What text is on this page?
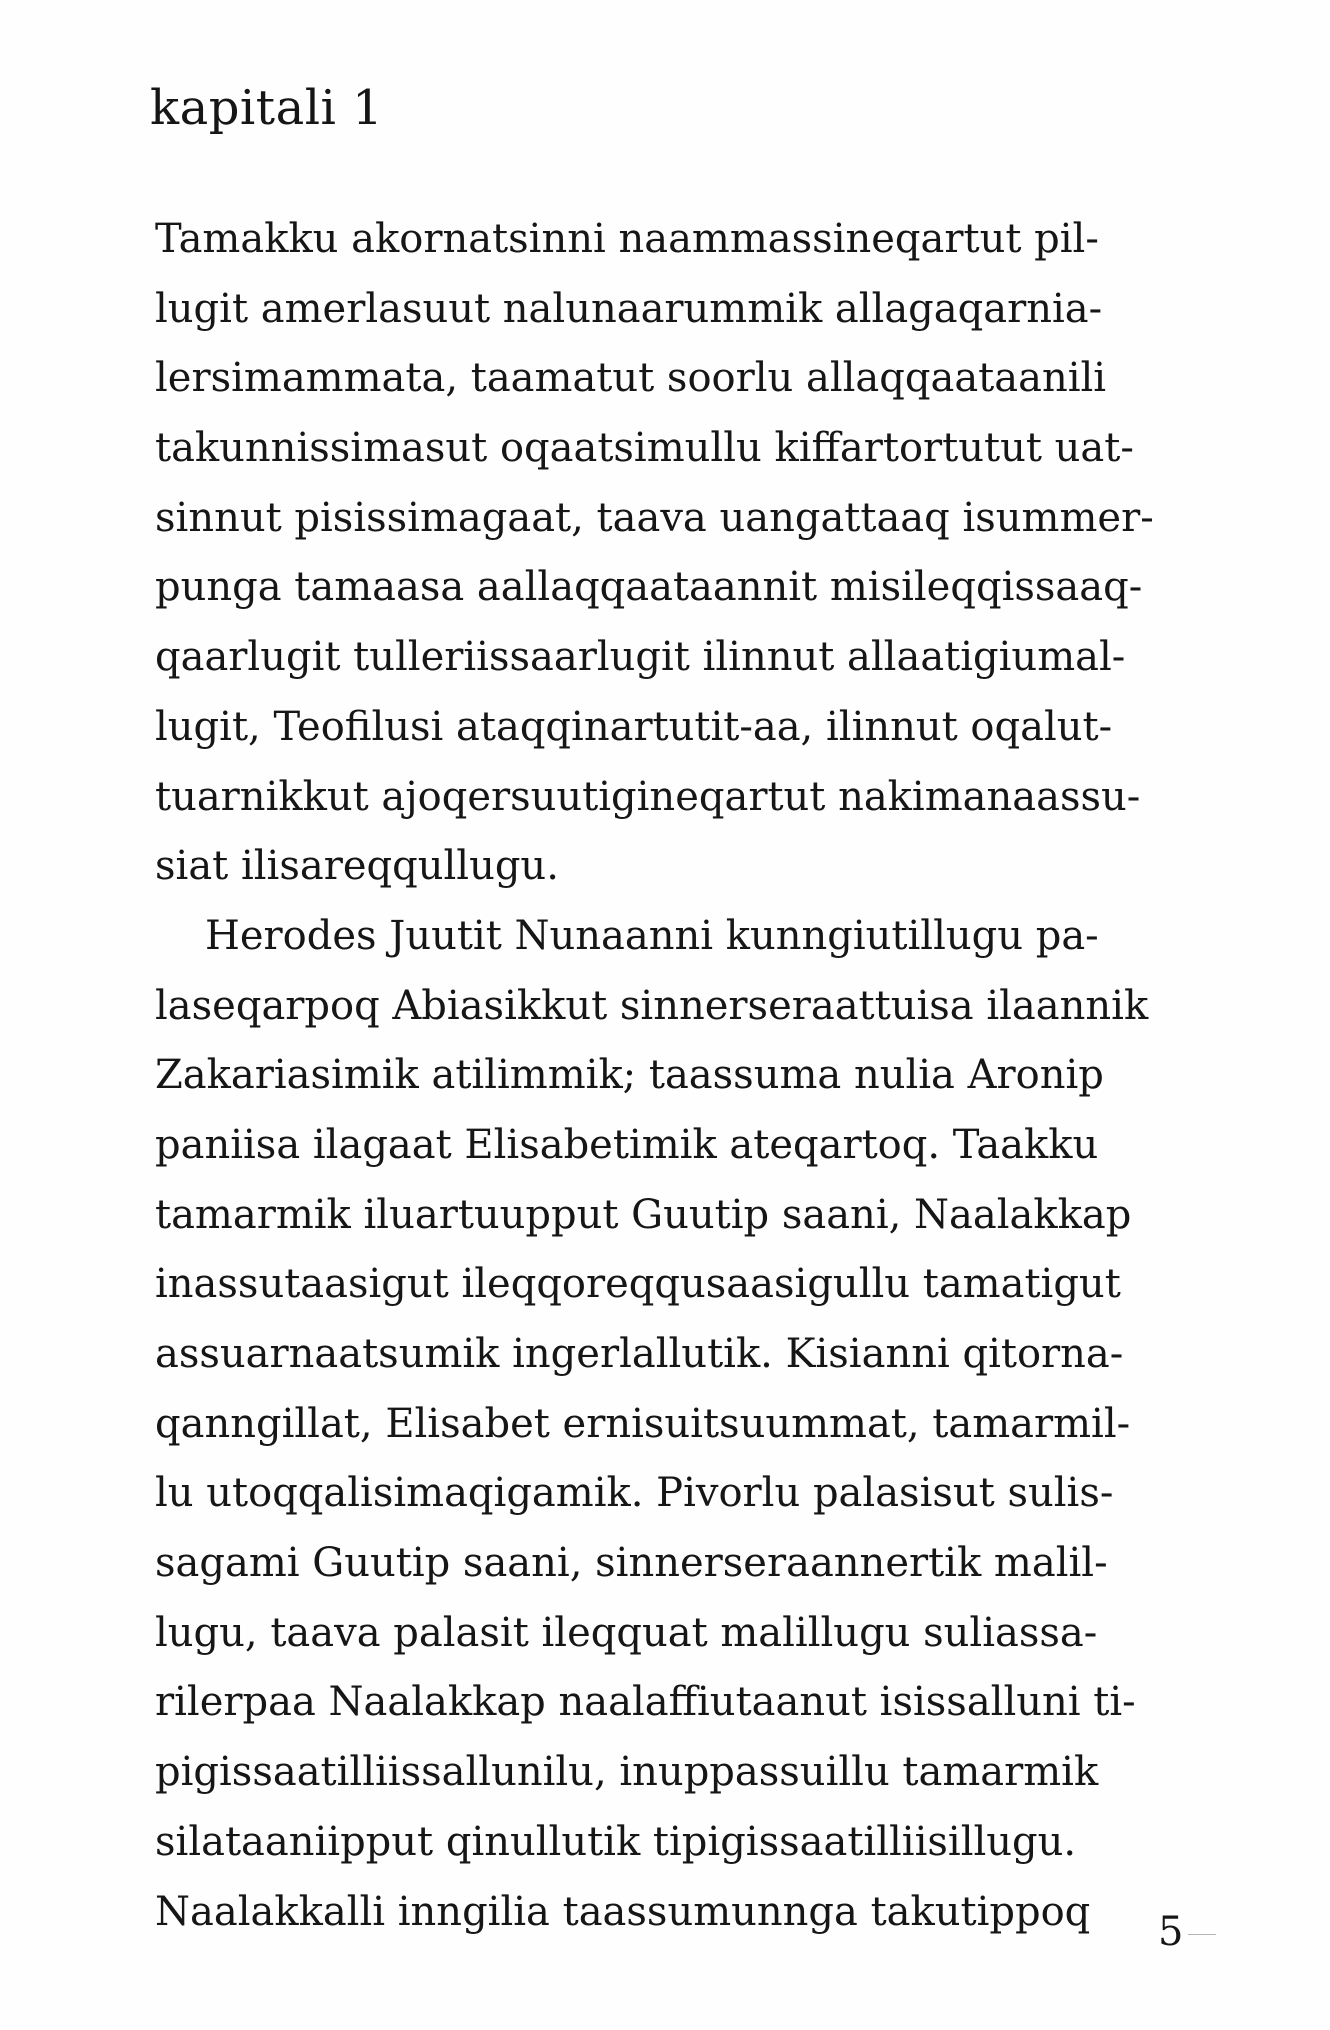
kapitali 1
Tamakku akornatsinni naammassineqartut pil-
lugit amerlasuut nalunaarummik allagaqarnia-
lersimammata, taamatut soorlu allaqqaataanili
takunnissimasut oqaatsimullu kiffartortutut uat-
sinnut pisissimagaat, taava uangattaaq isummer-
punga tamaasa aallaqqaataannit misileqqissaaq-
qaarlugit tulleriissaarlugit ilinnut allaatigiumal-
lugit, Teofilusi ataqqinartutit-aa, ilinnut oqalut-
tuarnikkut ajoqersuutigineqartut nakimanaassu-
siat ilisareqqullugu.
Herodes Juutit Nunaanni kunngiutillugu pa-
laseqarpoq Abiasikkut sinnerseraattuisa ilaannik
Zakariasimik atilimmik; taassuma nulia Aronip
paniisa ilagaat Elisabetimik ateqartoq. Taakku
tamarmik iluartuupput Guutip saani, Naalakkap
inassutaasigut ileqqoreqqusaasigullu tamatigut
assuarnaatsumik ingerlallutik. Kisianni qitorna-
qanngillat, Elisabet ernisuitsuummat, tamarmil-
lu utoqqalisimaqigamik. Pivorlu palasisut sulis-
sagami Guutip saani, sinnerseraannertik malil-
lugu, taava palasit ileqquat malillugu suliassa-
rilerpaa Naalakkap naalaffiutaanut isissalluni ti-
pigissaatilliissallunilu, inuppassuillu tamarmik
silataaniipput qinullutik tipigissaatilliisillugu.
Naalakkalli inngilia taassumunnga takutippoq	5
